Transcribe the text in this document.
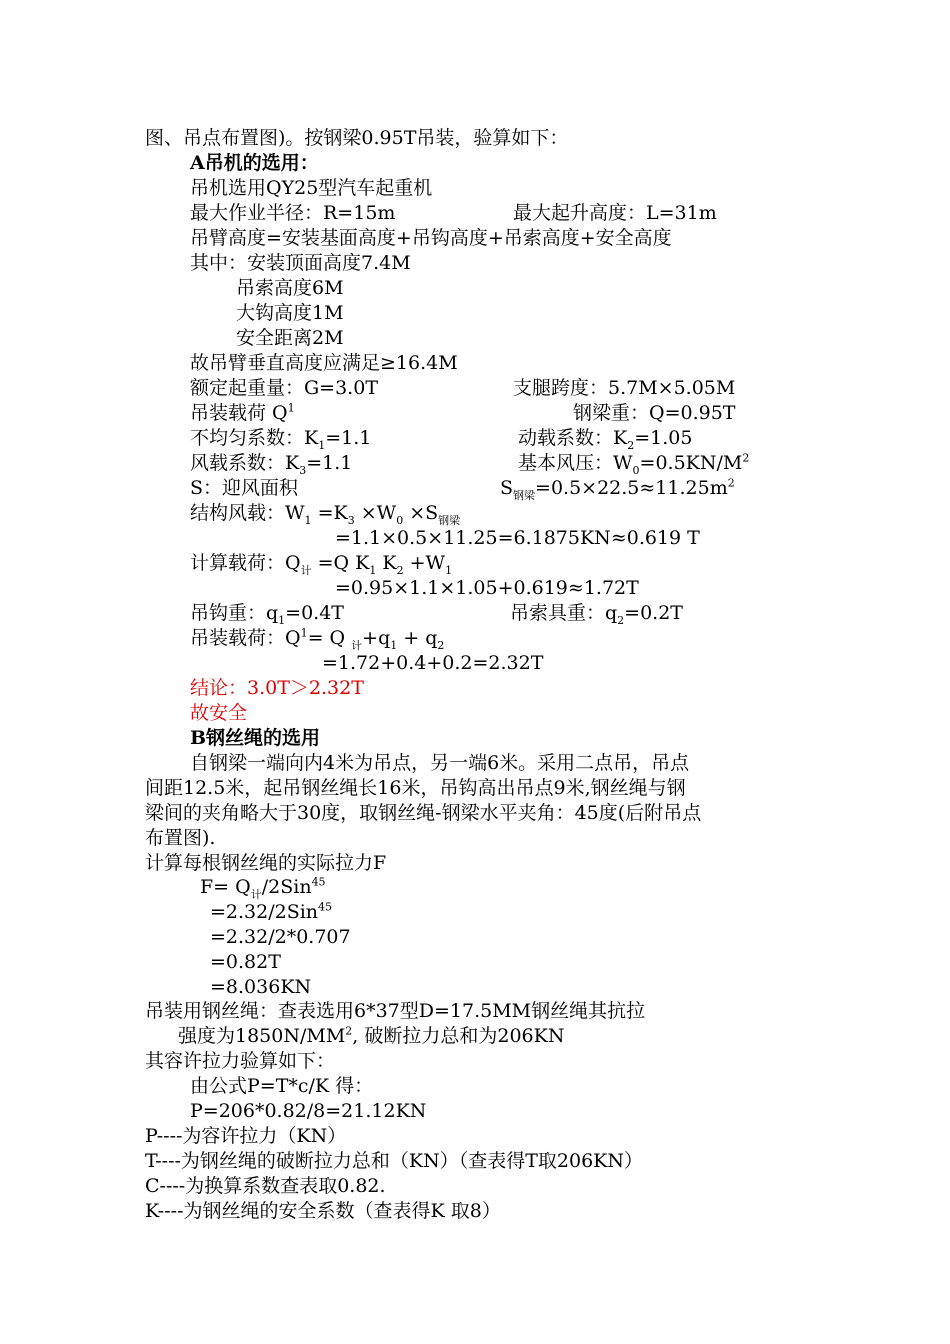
图、吊点布置图)。按钢梁0.95T吊装，验算如下：
A吊机的选用：
吊机选用QY25型汽车起重机
最大作业半径：R=15m	最大起升高度：L=31m
吊臂高度=安装基面高度+吊钩高度+吊索高度+安全高度
其中：安装顶面高度7.4M
吊索高度6M
大钩高度1M
安全距离2M
故吊臂垂直高度应满足≥16.4M
额定起重量：G=3.0T	支腿跨度：5.7M×5.05M
吊装载荷 $Q^1$	钢梁重：Q=0.95T
不均匀系数：$K_1=1.1$	动载系数：$K_2=1.05$
风载系数：$K_3=1.1$	基本风压：$W_0=0.5KN/M^2$
S：迎风面积	$S_{钢梁}=0.5\times 22.5\approx 11.25m^2$
结构风载：$W_1 =K_3 \times W_0 \times S_{钢梁}$
=1.1×0.5×11.25=6.1875KN≈0.619 T
计算载荷：$Q_计 =Q$ $K_1$ $K_2 +W_1$
=0.95×1.1×1.05+0.619≈1.72T
吊钩重：$q_1=0.4T$	吊索具重：$q_2=0.2T$
吊装载荷：$Q^1= Q$ $_计+q_1 + q_2$
=1.72+0.4+0.2=2.32T
结论：3.0T＞2.32T
故安全
B钢丝绳的选用
自钢梁一端向内4米为吊点，另一端6米。采用二点吊，吊点
间距12.5米，起吊钢丝绳长16米，吊钩高出吊点9米,钢丝绳与钢
梁间的夹角略大于30度，取钢丝绳-钢梁水平夹角：45度(后附吊点
布置图).
计算每根钢丝绳的实际拉力F
$F= Q_计/2Sin^{45}$
=2.32/2Sin$^{45}$
=2.32/2*0.707
=0.82T
=8.036KN
吊装用钢丝绳：查表选用6*37型D=17.5MM钢丝绳其抗拉
强度为$1850N/MM^2$, 破断拉力总和为206KN
其容许拉力验算如下：
由公式P=T*c/K 得：
P=206*0.82/8=21.12KN
P----为容许拉力（KN）
T----为钢丝绳的破断拉力总和（KN）（查表得T取206KN）
C----为换算系数查表取0.82.
K----为钢丝绳的安全系数（查表得K 取8）
